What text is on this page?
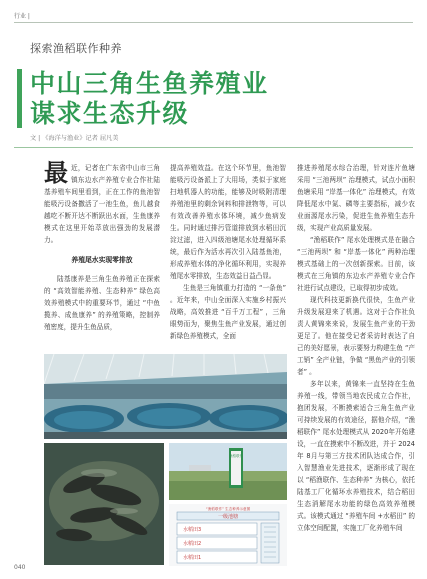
行业 |
探索渔稻联作种养
中山三角生鱼养殖业
谋求生态升级
文 | 《海洋与渔业》记者 屈凡美

最近，记者在广东省中山市三角镇东边水产养殖专业合作社陆基养殖车间里看到，正在工作的鱼池智能吸污设备撒活了一池生鱼，鱼儿越食越吃不断开达不断跃出水面，生鱼康养模式在这里开始萃放出强劲的发展潜力。

养殖尾水实现零排放

陆基康养是三角生鱼养殖正在探索的 “高效智能养殖、生态种养” 绿色高效养殖模式中的重要环节，通过 “中鱼揽养、成鱼康养” 的养殖策略，控制养殖密度，提升生鱼品质，

提高养殖效益。在这个环节里，鱼池智能吸污设备派上了大用场，类似于家庭扫地机器人的功能，能够及时吸附清理养殖池里的剩余饲料和排泄物等，可以有效改善养殖水体环境，减少鱼病发生。同时通过排污管道排放到水稻田沉淀过滤，进入四级池塘尾水处理循环系统，最后作为活水再次引入陆基鱼池，形成养殖水体的净化循环利用，实现养殖尾水零排放，生态效益日益凸显。

生鱼是三角镇重力打造的 “一条鱼” 。近年来，中山全面深入实施乡村振兴战略，高效推进 “百千万工程” ，三角眼势而为，聚焦生鱼产业发展，通过创新绿色养殖模式，全面

推进养殖尾水综合治理，针对连片鱼塘采用 “三池两坝” 治理模式，试点小面积鱼塘采用 “岸基一体化” 治理模式，有效降低尾水中氮、磷等主要指标，减少农业面源尾水污染，促进生鱼养殖生态升级，实现产业高质量发展。

“渔稻联作” 尾水处理模式是在融合 “三池两坝” 和 “岸基一体化” 两种治理模式基础上的一次创新探索。目前，该模式在三角镇的东边水产养殖专业合作社进行试点建设，已取得初步成效。

现代科技更新换代很快，生鱼产业升级发展迎来了机遇。这对于合作社负责人黄锦来来说，发展生鱼产业的干劲更足了。他在接受记者采访时表达了自己的美好愿景，表示要努力构建生鱼 “产工销” 全产业链，争做 “黑鱼产业的引领者” 。

多年以来，黄锦来一直坚持在生鱼养殖一线，带领当地农民成立合作社，抱团发展，不断摸索适合三角生鱼产业可持续发展的有效途径，据他介绍，“渔稻联作” 尾水处理模式从 2020年开始建设，一直在摸索中不断改进，并于 2024年 8月与第三方技术团队达成合作，引入智慧渔业先进技术，逐渐形成了现在以 “稻渔联作、生态种养” 为核心，依托陆基工厂化循环水养殖技术，结合稻田生态消解尾水功能的绿色高效养殖模式。该模式通过 “养殖车间 +水稻田” 的立体空间配置，实施工厂化养殖车间

渔稻联作
“渔稻联作” 生态种养示意图
一级池塘
水稻田3
水稻田2
水稻田1
040
